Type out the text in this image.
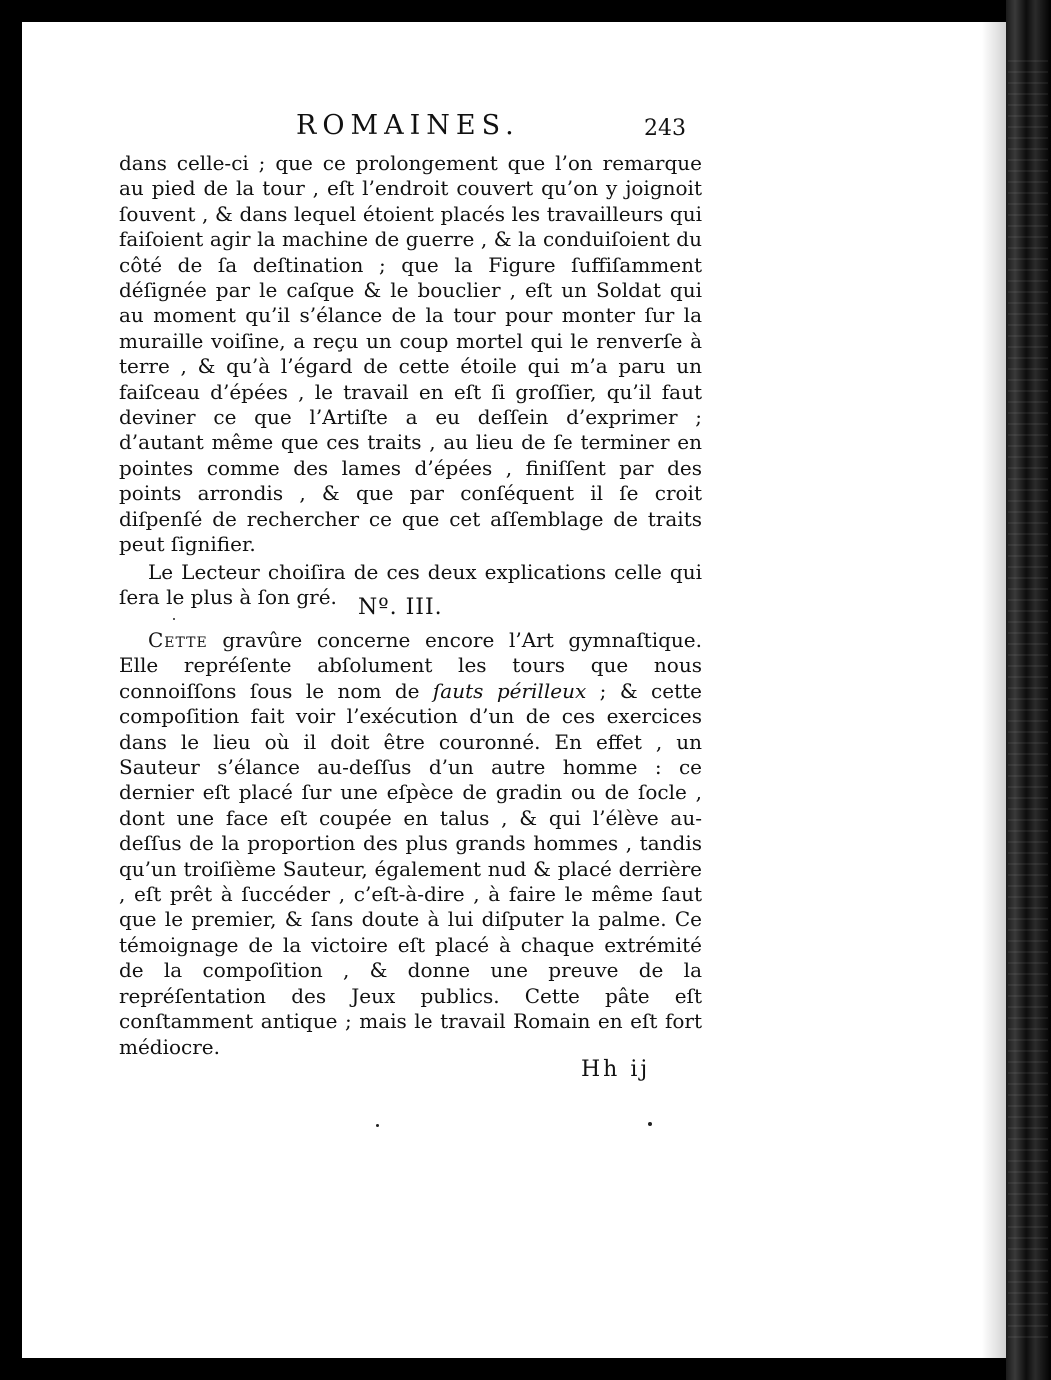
ROMAINES.	243

dans celle-ci ; que ce prolongement que l’on remarque au pied de la tour , eſt l’endroit couvert qu’on y joignoit ſouvent , & dans lequel étoient placés les travailleurs qui faiſoient agir la machine de guerre , & la conduiſoient du côté de ſa deſtination ; que la Figure ſuffiſamment déſignée par le caſque & le bouclier , eſt un Soldat qui au moment qu’il s’élance de la tour pour monter ſur la muraille voiſine, a reçu un coup mortel qui le renverſe à terre , & qu’à l’égard de cette étoile qui m’a paru un faiſceau d’épées , le travail en eſt ſi groſſier, qu’il faut deviner ce que l’Artiſte a eu deſſein d’exprimer ; d’autant même que ces traits , au lieu de ſe terminer en pointes comme des lames d’épées , finiſſent par des points arrondis , & que par conſéquent il ſe croit diſpenſé de rechercher ce que cet aſſemblage de traits peut ſignifier.

Le Lecteur choiſira de ces deux explications celle qui ſera le plus à ſon gré. Nº. III.

Cette gravûre concerne encore l’Art gymnaſtique. Elle repréſente abſolument les tours que nous connoiſſons ſous le nom de ſauts périlleux ; & cette compoſition fait voir l’exécution d’un de ces exercices dans le lieu où il doit être couronné. En effet , un Sauteur s’élance au-deſſus d’un autre homme : ce dernier eſt placé ſur une eſpèce de gradin ou de ſocle , dont une face eſt coupée en talus , & qui l’élève au-deſſus de la proportion des plus grands hommes , tandis qu’un troiſième Sauteur, également nud & placé derrière , eſt prêt à ſuccéder , c’eſt-à-dire , à faire le même ſaut que le premier, & ſans doute à lui diſputer la palme. Ce témoignage de la victoire eſt placé à chaque extrémité de la compoſition , & donne une preuve de la repréſentation des Jeux publics. Cette pâte eſt conſtamment antique ; mais le travail Romain en eſt fort médiocre.

Hh ij
